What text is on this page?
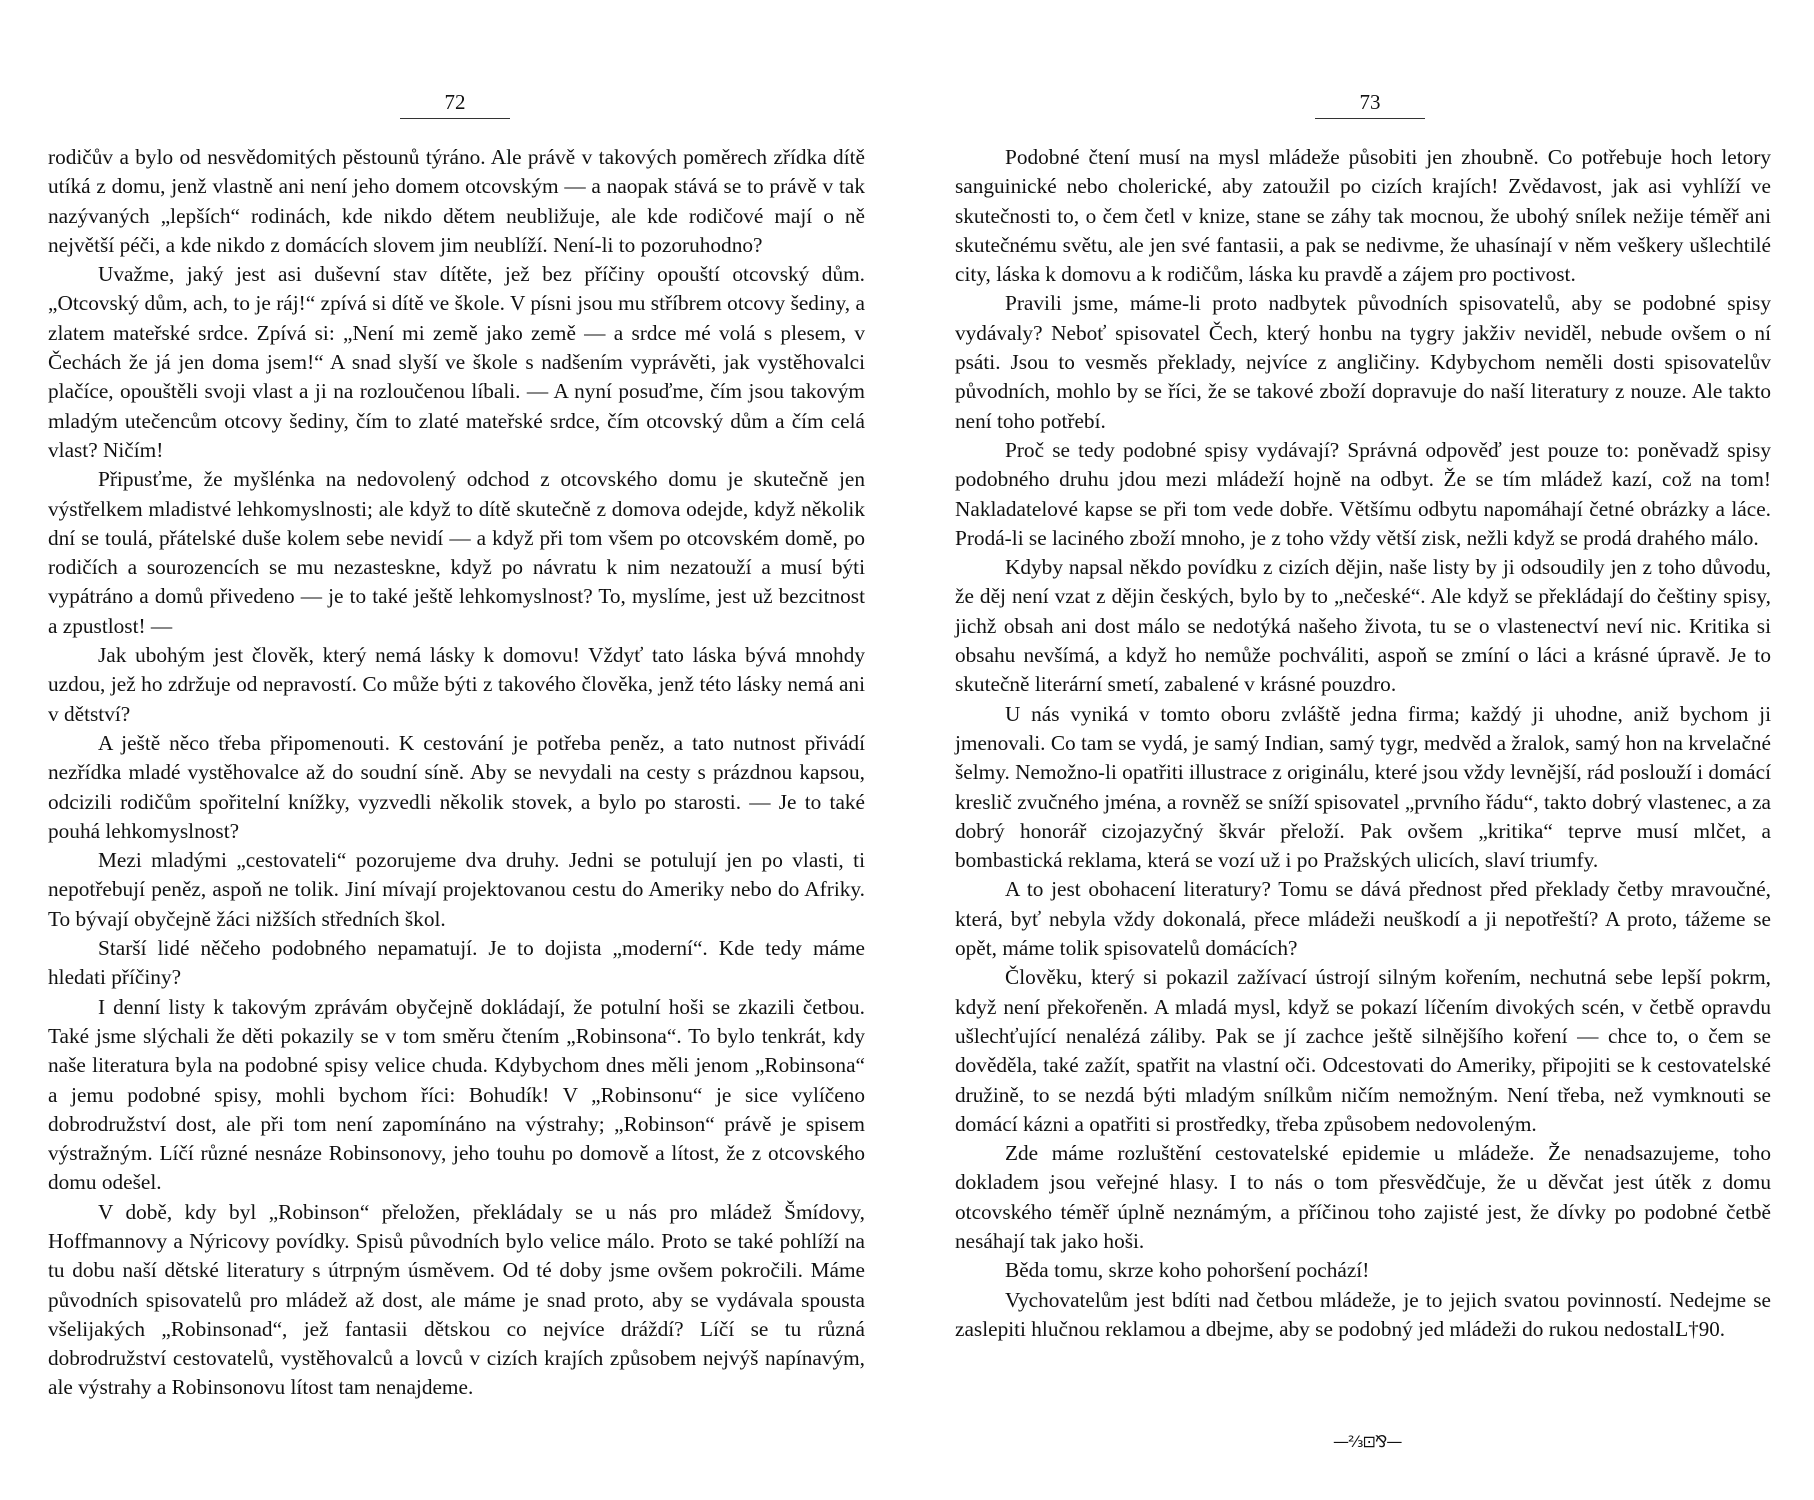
72

rodičův a bylo od nesvědomitých pěstounů týráno. Ale právě v takových poměrech zřídka dítě utíká z domu, jenž vlastně ani není jeho domem otcovským — a naopak stává se to právě v tak nazývaných „lepších“ rodinách, kde nikdo dětem neubližuje, ale kde rodičové mají o ně největší péči, a kde nikdo z domácích slovem jim neublíží. Není-li to pozoruhodno?

Uvažme, jaký jest asi duševní stav dítěte, jež bez příčiny opouští otcovský dům. „Otcovský dům, ach, to je ráj!“ zpívá si dítě ve škole. V písni jsou mu stříbrem otcovy šediny, a zlatem mateřské srdce. Zpívá si: „Není mi země jako země — a srdce mé volá s plesem, v Čechách že já jen doma jsem!“ A snad slyší ve škole s nadšením vyprávěti, jak vystěhovalci plačíce, opouštěli svoji vlast a ji na rozloučenou líbali. — A nyní posuďme, čím jsou takovým mladým utečencům otcovy šediny, čím to zlaté mateřské srdce, čím otcovský dům a čím celá vlast? Ničím!

Připusťme, že myšlénka na nedovolený odchod z otcovského domu je skutečně jen výstřelkem mladistvé lehkomyslnosti; ale když to dítě skutečně z domova odejde, když několik dní se toulá, přátelské duše kolem sebe nevidí — a když při tom všem po otcovském domě, po rodičích a sourozencích se mu nezasteskne, když po návratu k nim nezatouží a musí býti vypátráno a domů přivedeno — je to také ještě lehkomyslnost? To, myslíme, jest už bezcitnost a zpustlost! —

Jak ubohým jest člověk, který nemá lásky k domovu! Vždyť tato láska bývá mnohdy uzdou, jež ho zdržuje od nepravostí. Co může býti z takového člověka, jenž této lásky nemá ani v dětství?

A ještě něco třeba připomenouti. K cestování je potřeba peněz, a tato nutnost přivádí nezřídka mladé vystěhovalce až do soudní síně. Aby se nevydali na cesty s prázdnou kapsou, odcizili rodičům spořitelní knížky, vyzvedli několik stovek, a bylo po starosti. — Je to také pouhá lehkomyslnost?

Mezi mladými „cestovateli“ pozorujeme dva druhy. Jedni se potulují jen po vlasti, ti nepotřebují peněz, aspoň ne tolik. Jiní mívají projektovanou cestu do Ameriky nebo do Afriky. To bývají obyčejně žáci nižších středních škol.

Starší lidé něčeho podobného nepamatují. Je to dojista „moderní“. Kde tedy máme hledati příčiny?

I denní listy k takovým zprávám obyčejně dokládají, že potulní hoši se zkazili četbou. Také jsme slýchali že děti pokazily se v tom směru čtením „Robinsona“. To bylo tenkrát, kdy naše literatura byla na podobné spisy velice chuda. Kdybychom dnes měli jenom „Robinsona“ a jemu podobné spisy, mohli bychom říci: Bohudík! V „Robinsonu“ je sice vylíčeno dobrodružství dost, ale při tom není zapomínáno na výstrahy; „Robinson“ právě je spisem výstražným. Líčí různé nesnáze Robinsonovy, jeho touhu po domově a lítost, že z otcovského domu odešel.

V době, kdy byl „Robinson“ přeložen, překládaly se u nás pro mládež Šmídovy, Hoffmannovy a Nýricovy povídky. Spisů původních bylo velice málo. Proto se také pohlíží na tu dobu naší dětské literatury s útrpným úsměvem. Od té doby jsme ovšem pokročili. Máme původních spisovatelů pro mládež až dost, ale máme je snad proto, aby se vydávala spousta všelijakých „Robinsonad“, jež fantasii dětskou co nejvíce dráždí? Líčí se tu různá dobrodružství cestovatelů, vystěhovalců a lovců v cizích krajích způsobem nejvýš napínavým, ale výstrahy a Robinsonovu lítost tam nenajdeme.

73

Podobné čtení musí na mysl mládeže působiti jen zhoubně. Co potřebuje hoch letory sanguinické nebo cholerické, aby zatoužil po cizích krajích! Zvědavost, jak asi vyhlíží ve skutečnosti to, o čem četl v knize, stane se záhy tak mocnou, že ubohý snílek nežije téměř ani skutečnému světu, ale jen své fantasii, a pak se nedivme, že uhasínají v něm veškery ušlechtilé city, láska k domovu a k rodičům, láska ku pravdě a zájem pro poctivost.

Pravili jsme, máme-li proto nadbytek původních spisovatelů, aby se podobné spisy vydávaly? Neboť spisovatel Čech, který honbu na tygry jakživ neviděl, nebude ovšem o ní psáti. Jsou to vesměs překlady, nejvíce z angličiny. Kdybychom neměli dosti spisovatelův původních, mohlo by se říci, že se takové zboží dopravuje do naší literatury z nouze. Ale takto není toho potřebí.

Proč se tedy podobné spisy vydávají? Správná odpověď jest pouze to: poněvadž spisy podobného druhu jdou mezi mládeží hojně na odbyt. Že se tím mládež kazí, což na tom! Nakladatelové kapse se při tom vede dobře. Většímu odbytu napomáhají četné obrázky a láce. Prodá-li se laciného zboží mnoho, je z toho vždy větší zisk, nežli když se prodá drahého málo.

Kdyby napsal někdo povídku z cizích dějin, naše listy by ji odsoudily jen z toho důvodu, že děj není vzat z dějin českých, bylo by to „nečeské“. Ale když se překládají do češtiny spisy, jichž obsah ani dost málo se nedotýká našeho života, tu se o vlastenectví neví nic. Kritika si obsahu nevšímá, a když ho nemůže pochváliti, aspoň se zmíní o láci a krásné úpravě. Je to skutečně literární smetí, zabalené v krásné pouzdro.

U nás vyniká v tomto oboru zvláště jedna firma; každý ji uhodne, aniž bychom ji jmenovali. Co tam se vydá, je samý Indian, samý tygr, medvěd a žralok, samý hon na krvelačné šelmy. Nemožno-li opatřiti illustrace z originálu, které jsou vždy levnější, rád poslouží i domácí kreslič zvučného jména, a rovněž se sníží spisovatel „prvního řádu“, takto dobrý vlastenec, a za dobrý honorář cizojazyčný škvár přeloží. Pak ovšem „kritika“ teprve musí mlčet, a bombastická reklama, která se vozí už i po Pražských ulicích, slaví triumfy.

A to jest obohacení literatury? Tomu se dává přednost před překlady četby mravoučné, která, byť nebyla vždy dokonalá, přece mládeži neuškodí a ji nepotřeští? A proto, tážeme se opět, máme tolik spisovatelů domácích?

Člověku, který si pokazil zažívací ústrojí silným kořením, nechutná sebe lepší pokrm, když není překořeněn. A mladá mysl, když se pokazí líčením divokých scén, v četbě opravdu ušlechťující nenalézá záliby. Pak se jí zachce ještě silnějšího koření — chce to, o čem se dověděla, také zažít, spatřit na vlastní oči. Odcestovati do Ameriky, připojiti se k cestovatelské družině, to se nezdá býti mladým snílkům ničím nemožným. Není třeba, než vymknouti se domácí kázni a opatřiti si prostředky, třeba způsobem nedovoleným.

Zde máme rozluštění cestovatelské epidemie u mládeže. Že nenadsazujeme, toho dokladem jsou veřejné hlasy. I to nás o tom přesvědčuje, že u děvčat jest útěk z domu otcovského téměř úplně neznámým, a příčinou toho zajisté jest, že dívky po podobné četbě nesáhají tak jako hoši.

Běda tomu, skrze koho pohoršení pochází!

Vychovatelům jest bdíti nad četbou mládeže, je to jejich svatou povinností. Nedejme se zaslepiti hlučnou reklamou a dbejme, aby se podobný jed mládeži do rukou nedostal.

L†90.
—⅔⊡⅋—
